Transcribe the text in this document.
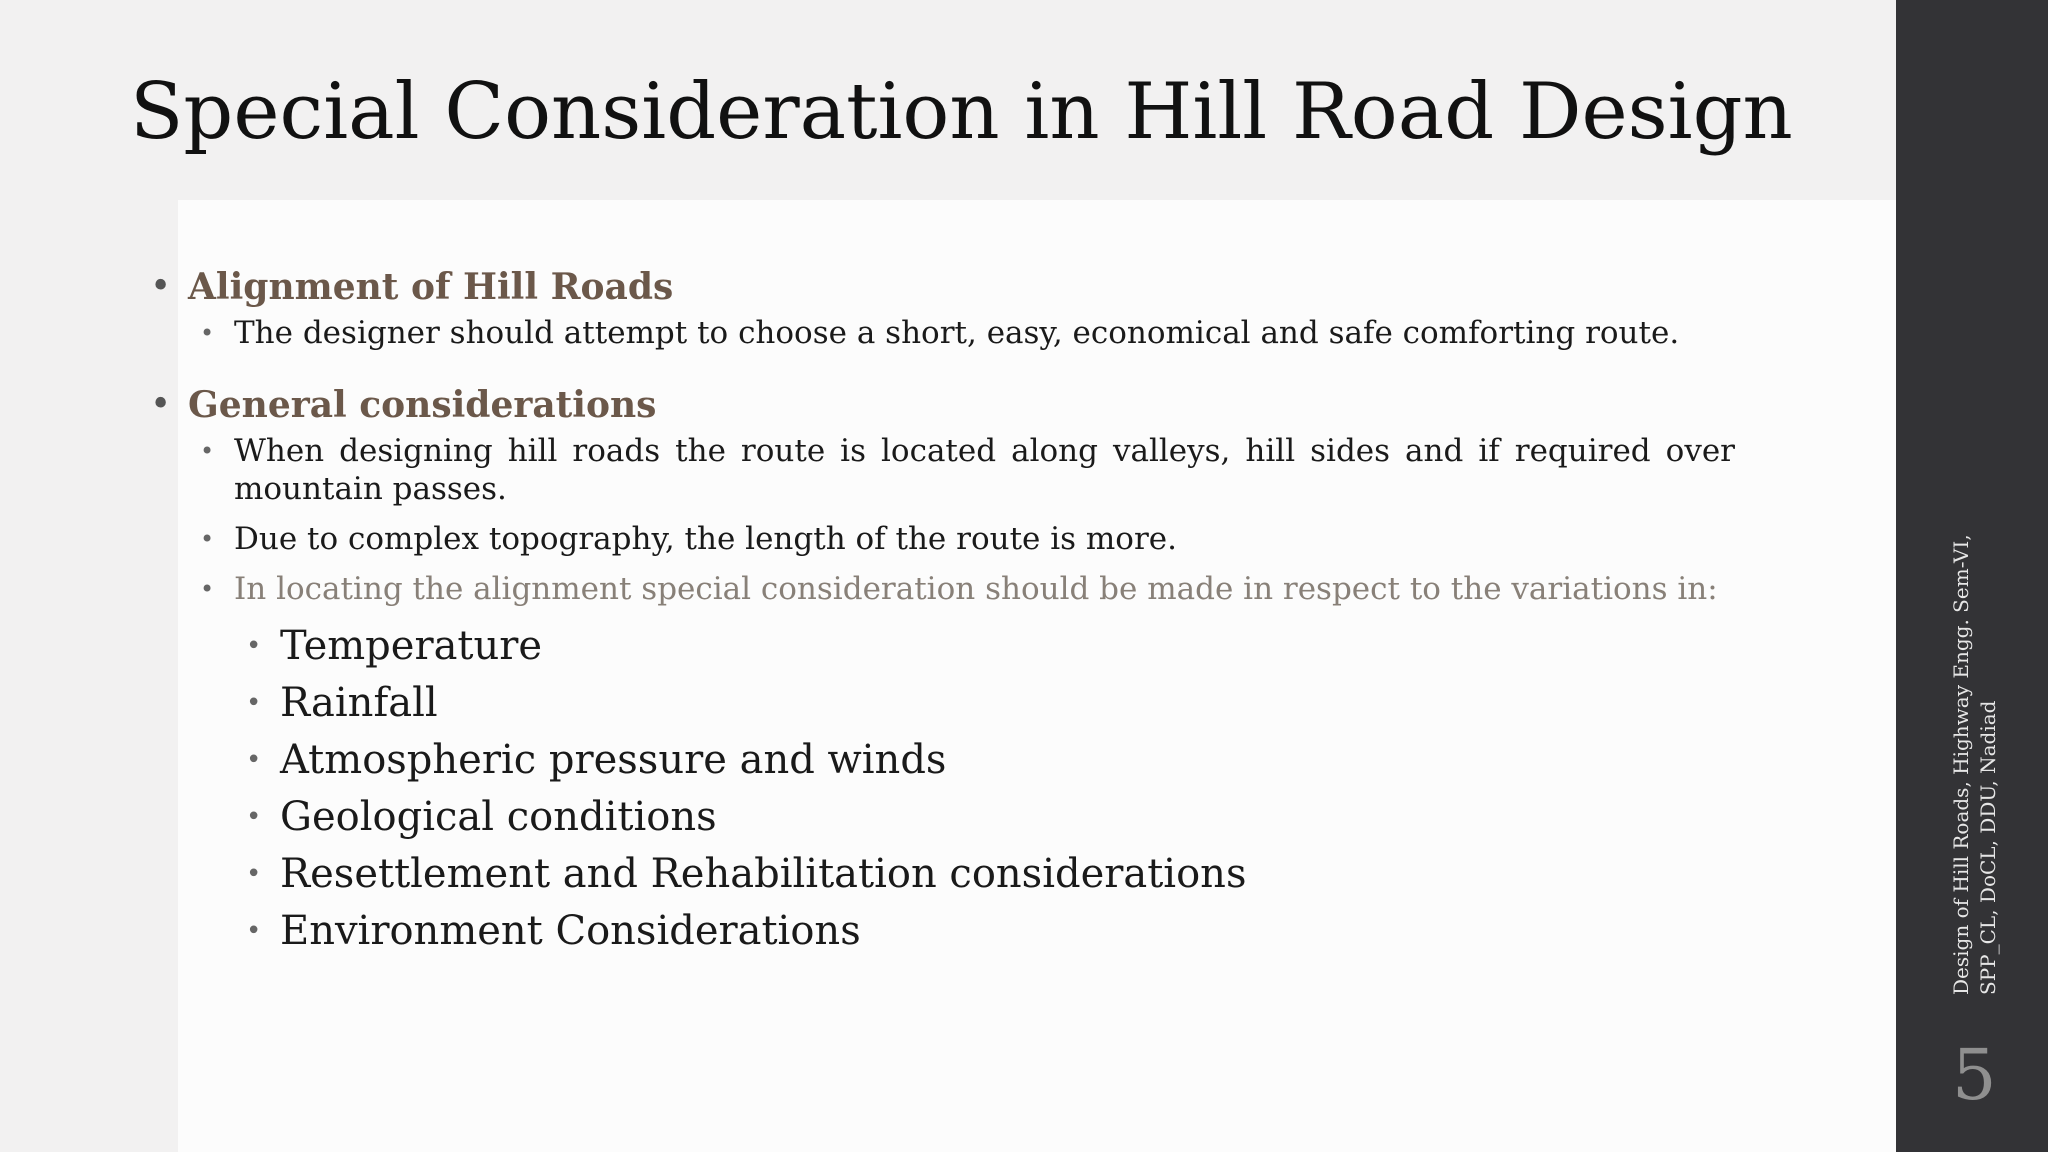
Special Consideration in Hill Road Design
• Alignment of Hill Roads
• The designer should attempt to choose a short, easy, economical and safe comforting route.
• General considerations
• When designing hill roads the route is located along valleys, hill sides and if required over mountain passes.
• Due to complex topography, the length of the route is more.
• In locating the alignment special consideration should be made in respect to the variations in:
• Temperature
• Rainfall
• Atmospheric pressure and winds
• Geological conditions
• Resettlement and Rehabilitation considerations
• Environment Considerations	Design of Hill Roads, Highway Engg. Sem-VI, SPP_CL, DoCL, DDU, Nadiad
5
